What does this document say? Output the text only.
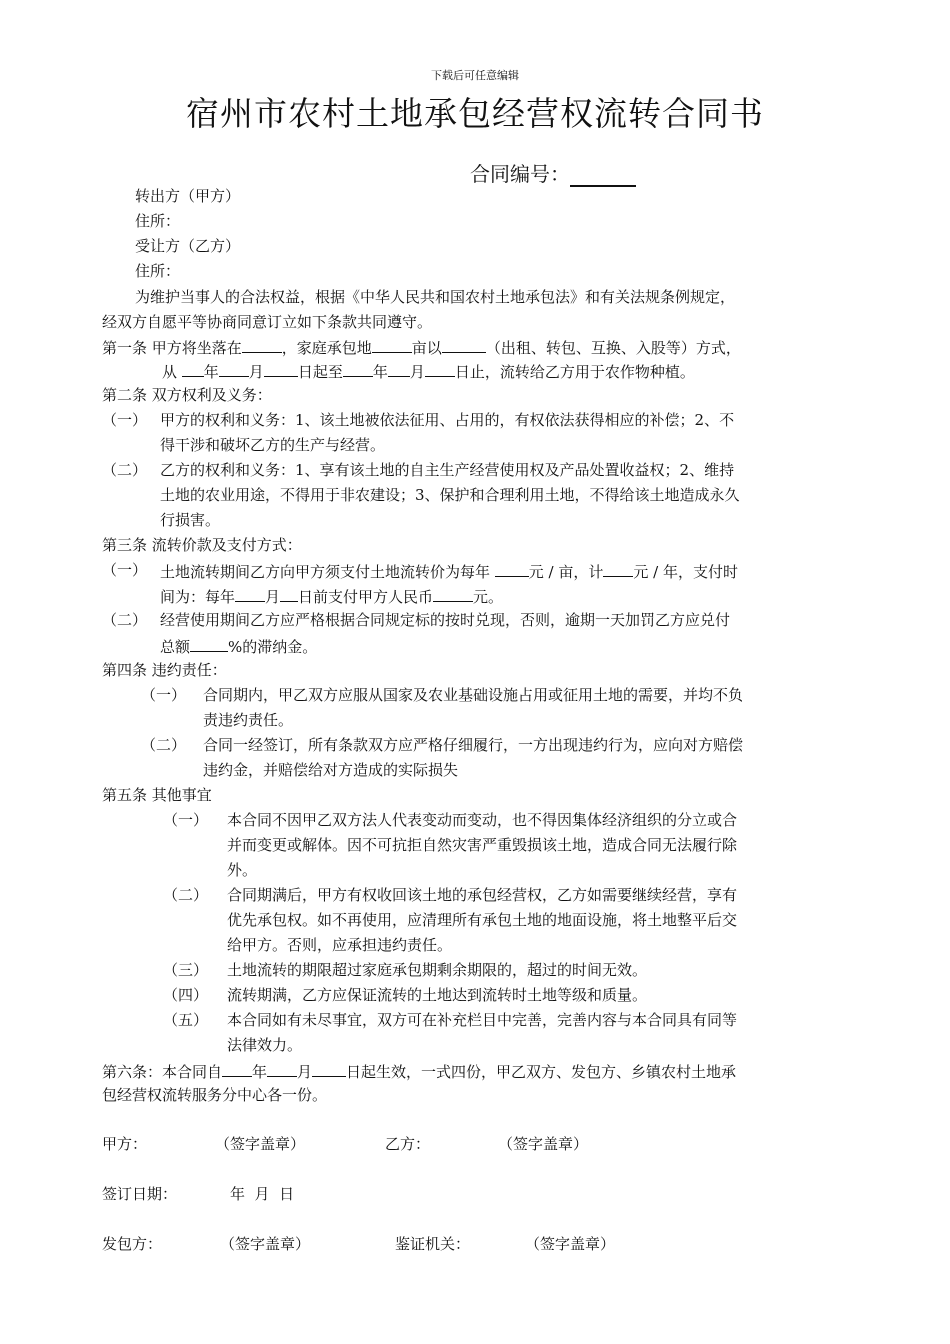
下载后可任意编辑
宿州市农村土地承包经营权流转合同书
合同编号：
转出方（甲方）
住所：
受让方（乙方）
住所：
为维护当事人的合法权益，根据《中华人民共和国农村土地承包法》和有关法规条例规定，
经双方自愿平等协商同意订立如下条款共同遵守。
第一条 甲方将坐落在	，家庭承包地	亩以	（出租、转包、互换、入股等）方式，
从 年 月 日起至 年 月 日止，流转给乙方用于农作物种植。
第二条 双方权利及义务：
（一） 甲方的权利和义务：1、该土地被依法征用、占用的，有权依法获得相应的补偿；2、不
得干涉和破坏乙方的生产与经营。
（二） 乙方的权利和义务：1、享有该土地的自主生产经营使用权及产品处置收益权；2、维持
土地的农业用途，不得用于非农建设；3、保护和合理利用土地，不得给该土地造成永久
行损害。
第三条 流转价款及支付方式：
（一） 土地流转期间乙方向甲方须支付土地流转价为每年 元 / 亩，计 元 / 年，支付时
间为：每年 月 日前支付甲方人民币	元。
（二） 经营使用期间乙方应严格根据合同规定标的按时兑现，否则，逾期一天加罚乙方应兑付
总额	%的滞纳金。
第四条 违约责任：
（一） 合同期内，甲乙双方应服从国家及农业基础设施占用或征用土地的需要，并均不负
责违约责任。
（二） 合同一经签订，所有条款双方应严格仔细履行，一方出现违约行为，应向对方赔偿
违约金，并赔偿给对方造成的实际损失
第五条 其他事宜
（一） 本合同不因甲乙双方法人代表变动而变动，也不得因集体经济组织的分立或合
并而变更或解体。因不可抗拒自然灾害严重毁损该土地，造成合同无法履行除
外。
（二） 合同期满后，甲方有权收回该土地的承包经营权，乙方如需要继续经营，享有
优先承包权。如不再使用，应清理所有承包土地的地面设施，将土地整平后交
给甲方。否则，应承担违约责任。
（三） 土地流转的期限超过家庭承包期剩余期限的，超过的时间无效。
（四） 流转期满，乙方应保证流转的土地达到流转时土地等级和质量。
（五） 本合同如有未尽事宜，双方可在补充栏目中完善，完善内容与本合同具有同等
法律效力。
第六条：本合同自 年 月 日起生效，一式四份，甲乙双方、发包方、乡镇农村土地承
包经营权流转服务分中心各一份。
甲方：	（签字盖章）	乙方：	（签字盖章）
签订日期：	年  月  日
发包方：	（签字盖章）	鉴证机关：	（签字盖章）
